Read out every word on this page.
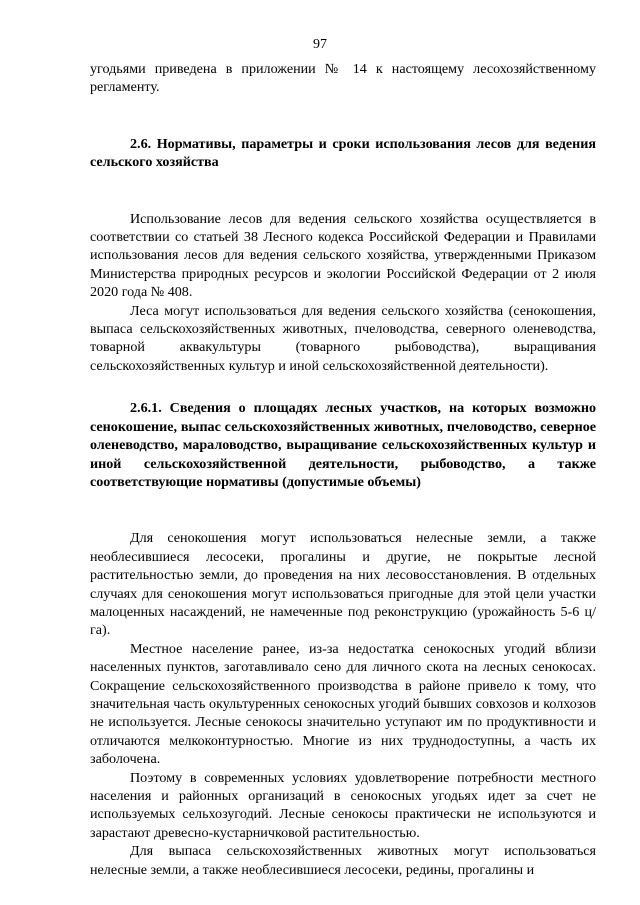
97

угодьями приведена в приложении № 14 к настоящему лесохозяйственному регламенту.

2.6. Нормативы, параметры и сроки использования лесов для ведения сельского хозяйства

Использование лесов для ведения сельского хозяйства осуществляется в соответствии со статьей 38 Лесного кодекса Российской Федерации и Правилами использования лесов для ведения сельского хозяйства, утвержденными Приказом Министерства природных ресурсов и экологии Российской Федерации от 2 июля 2020 года № 408.

Леса могут использоваться для ведения сельского хозяйства (сенокошения, выпаса сельскохозяйственных животных, пчеловодства, северного оленеводства, товарной аквакультуры (товарного рыбоводства), выращивания сельскохозяйственных культур и иной сельскохозяйственной деятельности).

2.6.1. Сведения о площадях лесных участков, на которых возможно сенокошение, выпас сельскохозяйственных животных, пчеловодство, северное оленеводство, мараловодство, выращивание сельскохозяйственных культур и иной сельскохозяйственной деятельности, рыбоводство, а также соответствующие нормативы (допустимые объемы)

Для сенокошения могут использоваться нелесные земли, а также необлесившиеся лесосеки, прогалины и другие, не покрытые лесной растительностью земли, до проведения на них лесовосстановления. В отдельных случаях для сенокошения могут использоваться пригодные для этой цели участки малоценных насаждений, не намеченные под реконструкцию (урожайность 5-6 ц/га).

Местное население ранее, из-за недостатка сенокосных угодий вблизи населенных пунктов, заготавливало сено для личного скота на лесных сенокосах. Сокращение сельскохозяйственного производства в районе привело к тому, что значительная часть окультуренных сенокосных угодий бывших совхозов и колхозов не используется. Лесные сенокосы значительно уступают им по продуктивности и отличаются мелкоконтурностью. Многие из них труднодоступны, а часть их заболочена.

Поэтому в современных условиях удовлетворение потребности местного населения и районных организаций в сенокосных угодьях идет за счет не используемых сельхозугодий. Лесные сенокосы практически не используются и зарастают древесно-кустарничковой растительностью.

Для выпаса сельскохозяйственных животных могут использоваться нелесные земли, а также необлесившиеся лесосеки, редины, прогалины и
